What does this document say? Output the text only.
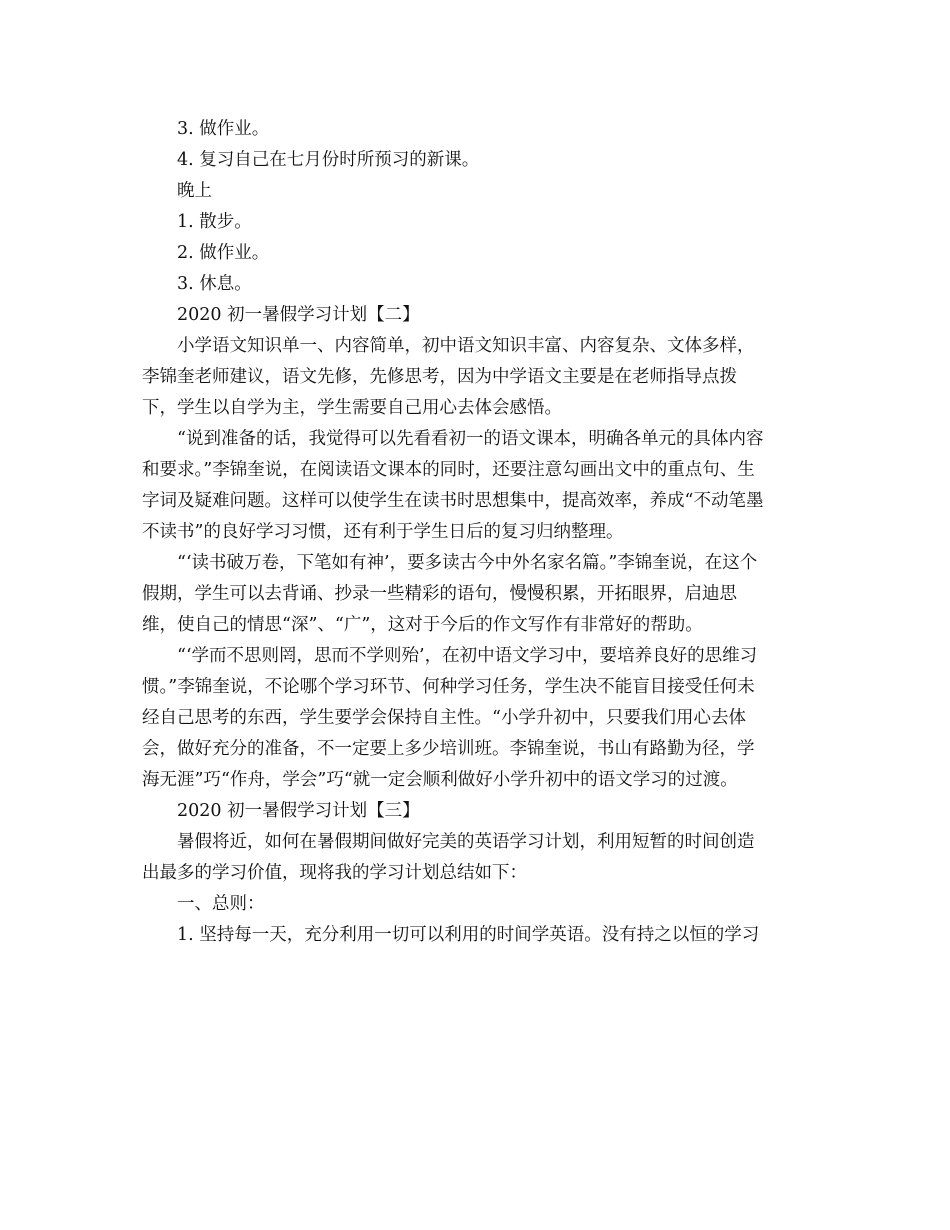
3. 做作业。

4. 复习自己在七月份时所预习的新课。

晚上

1. 散步。

2. 做作业。

3. 休息。

2020 初一暑假学习计划【二】

小学语文知识单一、内容简单，初中语文知识丰富、内容复杂、文体多样，

李锦奎老师建议，语文先修，先修思考，因为中学语文主要是在老师指导点拨

下，学生以自学为主，学生需要自己用心去体会感悟。

“说到准备的话，我觉得可以先看看初一的语文课本，明确各单元的具体内容

和要求。”李锦奎说，在阅读语文课本的同时，还要注意勾画出文中的重点句、生

字词及疑难问题。这样可以使学生在读书时思想集中，提高效率，养成“不动笔墨

不读书”的良好学习习惯，还有利于学生日后的复习归纳整理。

“‘读书破万卷，下笔如有神’，要多读古今中外名家名篇。”李锦奎说，在这个

假期，学生可以去背诵、抄录一些精彩的语句，慢慢积累，开拓眼界，启迪思

维，使自己的情思“深”、“广”，这对于今后的作文写作有非常好的帮助。

“‘学而不思则罔，思而不学则殆’，在初中语文学习中，要培养良好的思维习

惯。”李锦奎说，不论哪个学习环节、何种学习任务，学生决不能盲目接受任何未

经自己思考的东西，学生要学会保持自主性。“小学升初中，只要我们用心去体

会，做好充分的准备，不一定要上多少培训班。李锦奎说，书山有路勤为径，学

海无涯”巧“作舟，学会”巧“就一定会顺利做好小学升初中的语文学习的过渡。

2020 初一暑假学习计划【三】

暑假将近，如何在暑假期间做好完美的英语学习计划，利用短暂的时间创造

出最多的学习价值，现将我的学习计划总结如下：

一、总则：

1. 坚持每一天，充分利用一切可以利用的时间学英语。没有持之以恒的学习
